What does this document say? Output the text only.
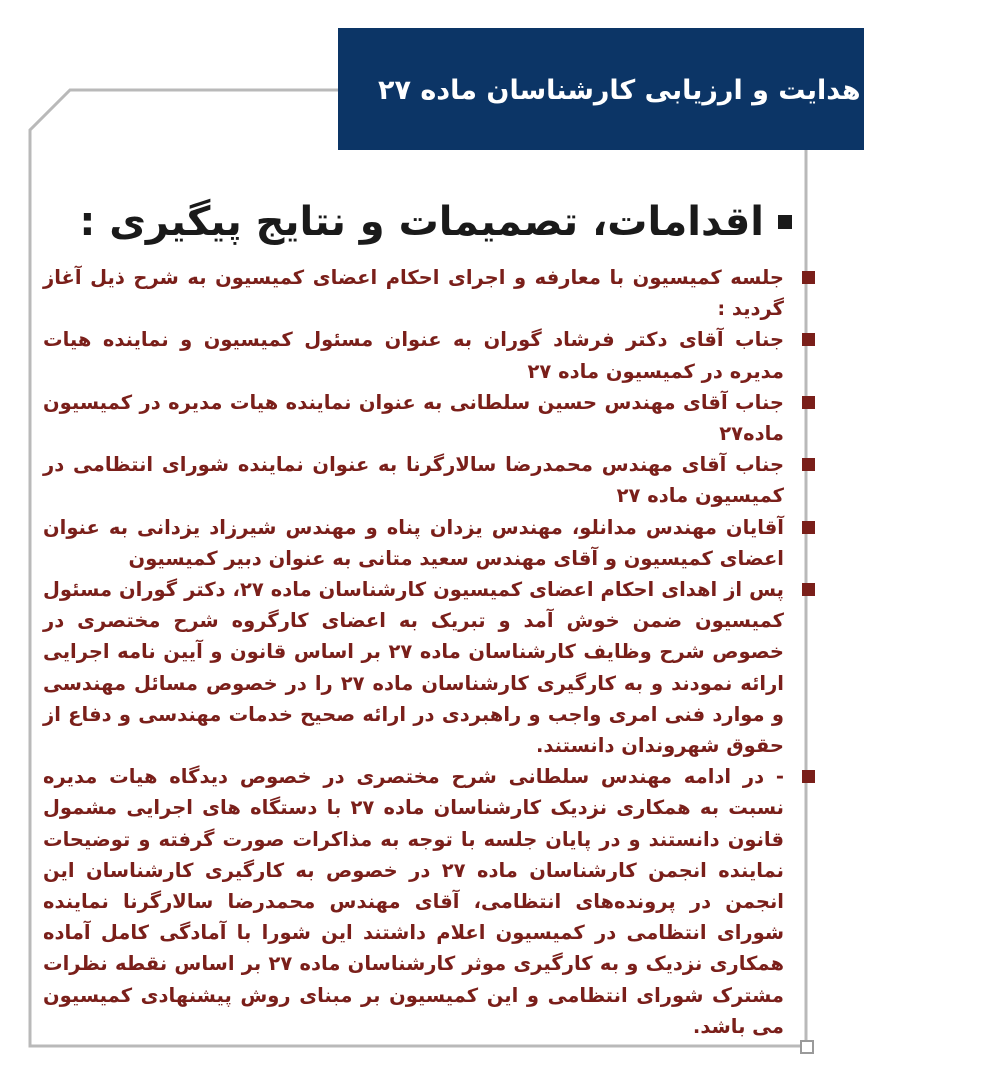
کمیسیون هدایت و ارزیابی کارشناسان ماده ۲۷
اقدامات، تصمیمات و نتایج پیگیری :

جلسه کمیسیون با معارفه و اجرای احکام اعضای کمیسیون به شرح ذیل آغاز گردید :

جناب آقای دکتر فرشاد گوران به عنوان مسئول کمیسیون و نماینده هیات مدیره در کمیسیون ماده ۲۷

جناب آقای مهندس حسین سلطانی به عنوان نماینده هیات مدیره در کمیسیون ماده۲۷

جناب آقای مهندس محمدرضا سالارگرنا به عنوان نماینده شورای انتظامی در کمیسیون ماده ۲۷

آقایان مهندس مدانلو، مهندس یزدان پناه و مهندس شیرزاد یزدانی به عنوان اعضای کمیسیون و آقای مهندس سعید متانی به عنوان دبیر کمیسیون

پس از اهدای احکام اعضای کمیسیون کارشناسان ماده ۲۷، دکتر گوران مسئول کمیسیون ضمن خوش آمد و تبریک به اعضای کارگروه شرح مختصری در خصوص شرح وظایف کارشناسان ماده ۲۷ بر اساس قانون و آیین نامه اجرایی ارائه نمودند و به کارگیری کارشناسان ماده ۲۷ را در خصوص مسائل مهندسی و موارد فنی امری واجب و راهبردی در ارائه صحیح خدمات مهندسی و دفاع از حقوق شهروندان دانستند.

- در ادامه مهندس سلطانی شرح مختصری در خصوص دیدگاه هیات مدیره نسبت به همکاری نزدیک کارشناسان ماده ۲۷ با دستگاه های اجرایی مشمول قانون دانستند و در پایان جلسه با توجه به مذاکرات صورت گرفته و توضیحات نماینده انجمن کارشناسان ماده ۲۷ در خصوص به کارگیری کارشناسان این انجمن در پرونده‌های انتظامی، آقای مهندس محمدرضا سالارگرنا نماینده شورای انتظامی در کمیسیون اعلام داشتند این شورا با آمادگی کامل آماده همکاری نزدیک و به کارگیری موثر کارشناسان ماده ۲۷ بر اساس نقطه نظرات مشترک شورای انتظامی و این کمیسیون بر مبنای روش پیشنهادی کمیسیون می باشد.
